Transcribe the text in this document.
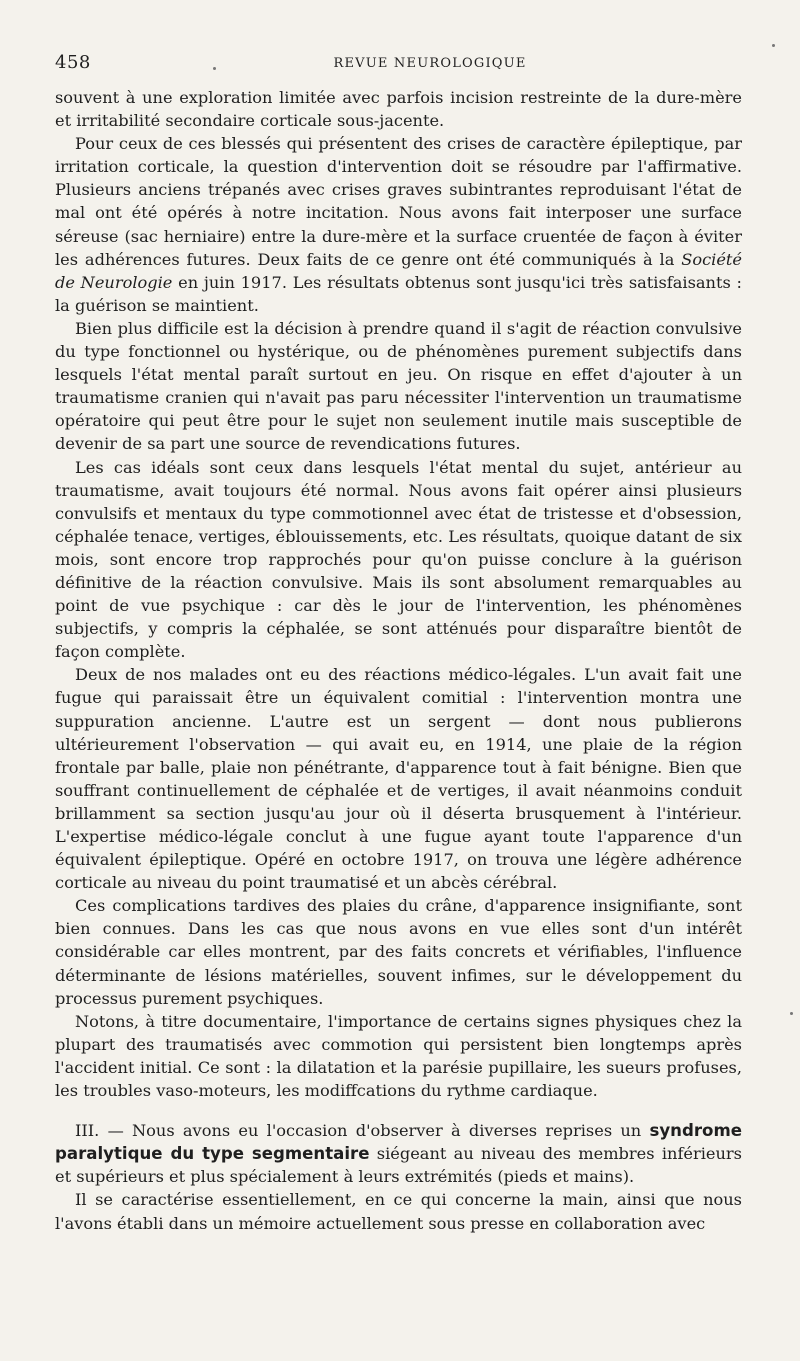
458	REVUE NEUROLOGIQUE

souvent à une exploration limitée avec parfois incision restreinte de la dure-mère et irritabilité secondaire corticale sous-jacente.

Pour ceux de ces blessés qui présentent des crises de caractère épileptique, par irritation corticale, la question d'intervention doit se résoudre par l'affirmative. Plusieurs anciens trépanés avec crises graves subintrantes reproduisant l'état de mal ont été opérés à notre incitation. Nous avons fait interposer une surface séreuse (sac herniaire) entre la dure-mère et la surface cruentée de façon à éviter les adhérences futures. Deux faits de ce genre ont été communiqués à la Société de Neurologie en juin 1917. Les résultats obtenus sont jusqu'ici très satisfaisants : la guérison se maintient.

Bien plus difficile est la décision à prendre quand il s'agit de réaction convulsive du type fonctionnel ou hystérique, ou de phénomènes purement subjectifs dans lesquels l'état mental paraît surtout en jeu. On risque en effet d'ajouter à un traumatisme cranien qui n'avait pas paru nécessiter l'intervention un traumatisme opératoire qui peut être pour le sujet non seulement inutile mais susceptible de devenir de sa part une source de revendications futures.

Les cas idéals sont ceux dans lesquels l'état mental du sujet, antérieur au traumatisme, avait toujours été normal. Nous avons fait opérer ainsi plusieurs convulsifs et mentaux du type commotionnel avec état de tristesse et d'obsession, céphalée tenace, vertiges, éblouissements, etc. Les résultats, quoique datant de six mois, sont encore trop rapprochés pour qu'on puisse conclure à la guérison définitive de la réaction convulsive. Mais ils sont absolument remarquables au point de vue psychique : car dès le jour de l'intervention, les phénomènes subjectifs, y compris la céphalée, se sont atténués pour disparaître bientôt de façon complète.

Deux de nos malades ont eu des réactions médico-légales. L'un avait fait une fugue qui paraissait être un équivalent comitial : l'intervention montra une suppuration ancienne. L'autre est un sergent — dont nous publierons ultérieurement l'observation — qui avait eu, en 1914, une plaie de la région frontale par balle, plaie non pénétrante, d'apparence tout à fait bénigne. Bien que souffrant continuellement de céphalée et de vertiges, il avait néanmoins conduit brillamment sa section jusqu'au jour où il déserta brusquement à l'intérieur. L'expertise médico-légale conclut à une fugue ayant toute l'apparence d'un équivalent épileptique. Opéré en octobre 1917, on trouva une légère adhérence corticale au niveau du point traumatisé et un abcès cérébral.

Ces complications tardives des plaies du crâne, d'apparence insignifiante, sont bien connues. Dans les cas que nous avons en vue elles sont d'un intérêt considérable car elles montrent, par des faits concrets et vérifiables, l'influence déterminante de lésions matérielles, souvent infimes, sur le développement du processus purement psychiques.

Notons, à titre documentaire, l'importance de certains signes physiques chez la plupart des traumatisés avec commotion qui persistent bien longtemps après l'accident initial. Ce sont : la dilatation et la parésie pupillaire, les sueurs profuses, les troubles vaso-moteurs, les modiffcations du rythme cardiaque.

III. — Nous avons eu l'occasion d'observer à diverses reprises un syndrome paralytique du type segmentaire siégeant au niveau des membres inférieurs et supérieurs et plus spécialement à leurs extrémités (pieds et mains).

Il se caractérise essentiellement, en ce qui concerne la main, ainsi que nous l'avons établi dans un mémoire actuellement sous presse en collaboration avec
